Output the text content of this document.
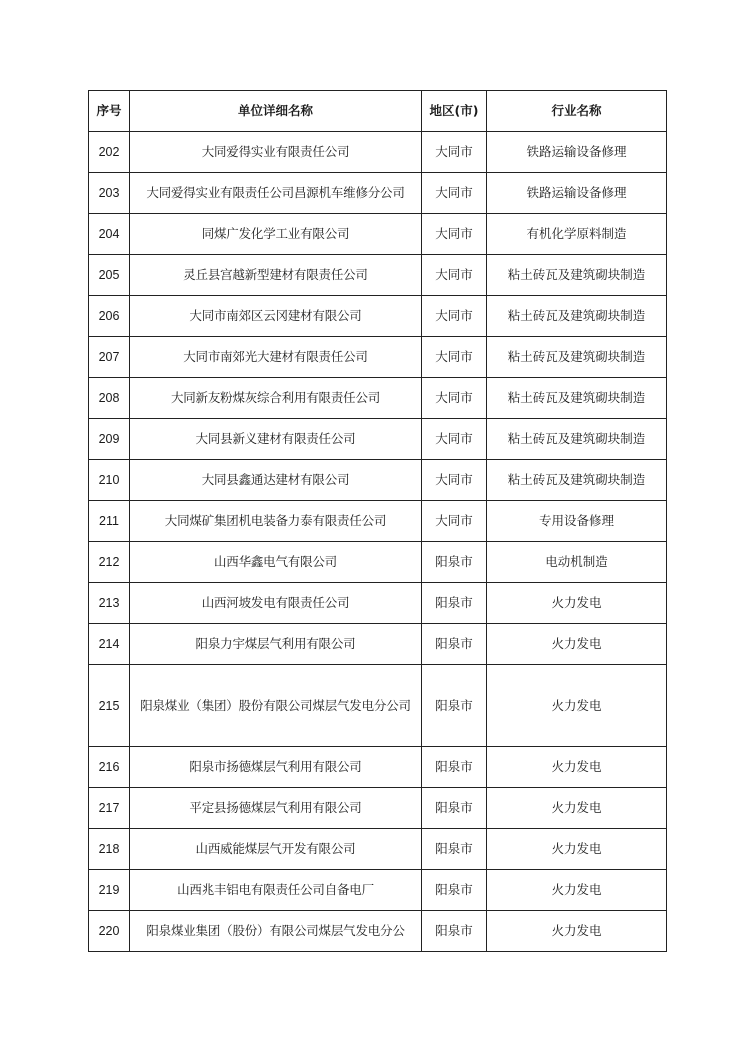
序号	单位详细名称	地区(市)	行业名称
202	大同爱得实业有限责任公司	大同市	铁路运输设备修理
203	大同爱得实业有限责任公司昌源机车维修分公司	大同市	铁路运输设备修理
204	同煤广发化学工业有限公司	大同市	有机化学原料制造
205	灵丘县宫越新型建材有限责任公司	大同市	粘土砖瓦及建筑砌块制造
206	大同市南郊区云冈建材有限公司	大同市	粘土砖瓦及建筑砌块制造
207	大同市南郊光大建材有限责任公司	大同市	粘土砖瓦及建筑砌块制造
208	大同新友粉煤灰综合利用有限责任公司	大同市	粘土砖瓦及建筑砌块制造
209	大同县新义建材有限责任公司	大同市	粘土砖瓦及建筑砌块制造
210	大同县鑫通达建材有限公司	大同市	粘土砖瓦及建筑砌块制造
211	大同煤矿集团机电装备力泰有限责任公司	大同市	专用设备修理
212	山西华鑫电气有限公司	阳泉市	电动机制造
213	山西河坡发电有限责任公司	阳泉市	火力发电
214	阳泉力宇煤层气利用有限公司	阳泉市	火力发电
215	阳泉煤业（集团）股份有限公司煤层气发电分公司	阳泉市	火力发电
216	阳泉市扬德煤层气利用有限公司	阳泉市	火力发电
217	平定县扬德煤层气利用有限公司	阳泉市	火力发电
218	山西威能煤层气开发有限公司	阳泉市	火力发电
219	山西兆丰铝电有限责任公司自备电厂	阳泉市	火力发电
220	阳泉煤业集团（股份）有限公司煤层气发电分公	阳泉市	火力发电
